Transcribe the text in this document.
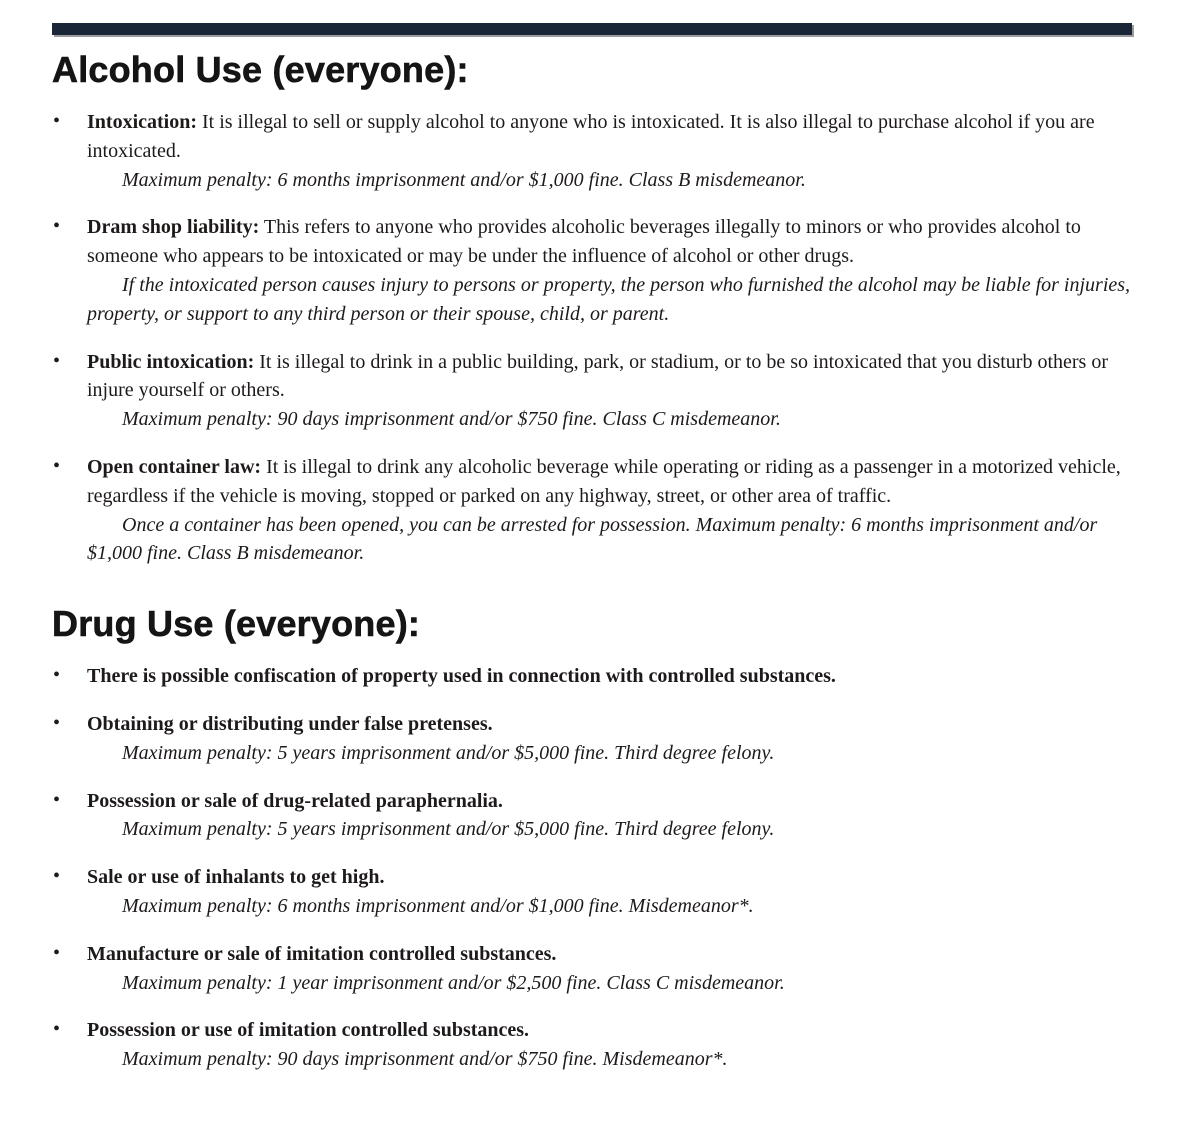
Alcohol Use (everyone):
• Intoxication: It is illegal to sell or supply alcohol to anyone who is intoxicated. It is also illegal to purchase alcohol if you are intoxicated.

Maximum penalty: 6 months imprisonment and/or $1,000 fine. Class B misdemeanor.

• Dram shop liability: This refers to anyone who provides alcoholic beverages illegally to minors or who provides alcohol to someone who appears to be intoxicated or may be under the influence of alcohol or other drugs.

If the intoxicated person causes injury to persons or property, the person who furnished the alcohol may be liable for injuries, property, or support to any third person or their spouse, child, or parent.

• Public intoxication: It is illegal to drink in a public building, park, or stadium, or to be so intoxicated that you disturb others or injure yourself or others.

Maximum penalty: 90 days imprisonment and/or $750 fine. Class C misdemeanor.

• Open container law: It is illegal to drink any alcoholic beverage while operating or riding as a passenger in a motorized vehicle, regardless if the vehicle is moving, stopped or parked on any highway, street, or other area of traffic.

Once a container has been opened, you can be arrested for possession. Maximum penalty: 6 months imprisonment and/or $1,000 fine. Class B misdemeanor.

Drug Use (everyone):
• There is possible confiscation of property used in connection with controlled substances.

• Obtaining or distributing under false pretenses.

Maximum penalty: 5 years imprisonment and/or $5,000 fine. Third degree felony.

• Possession or sale of drug-related paraphernalia.

Maximum penalty: 5 years imprisonment and/or $5,000 fine. Third degree felony.

• Sale or use of inhalants to get high.

Maximum penalty: 6 months imprisonment and/or $1,000 fine. Misdemeanor*.

• Manufacture or sale of imitation controlled substances.

Maximum penalty: 1 year imprisonment and/or $2,500 fine. Class C misdemeanor.

• Possession or use of imitation controlled substances.

Maximum penalty: 90 days imprisonment and/or $750 fine. Misdemeanor*.
